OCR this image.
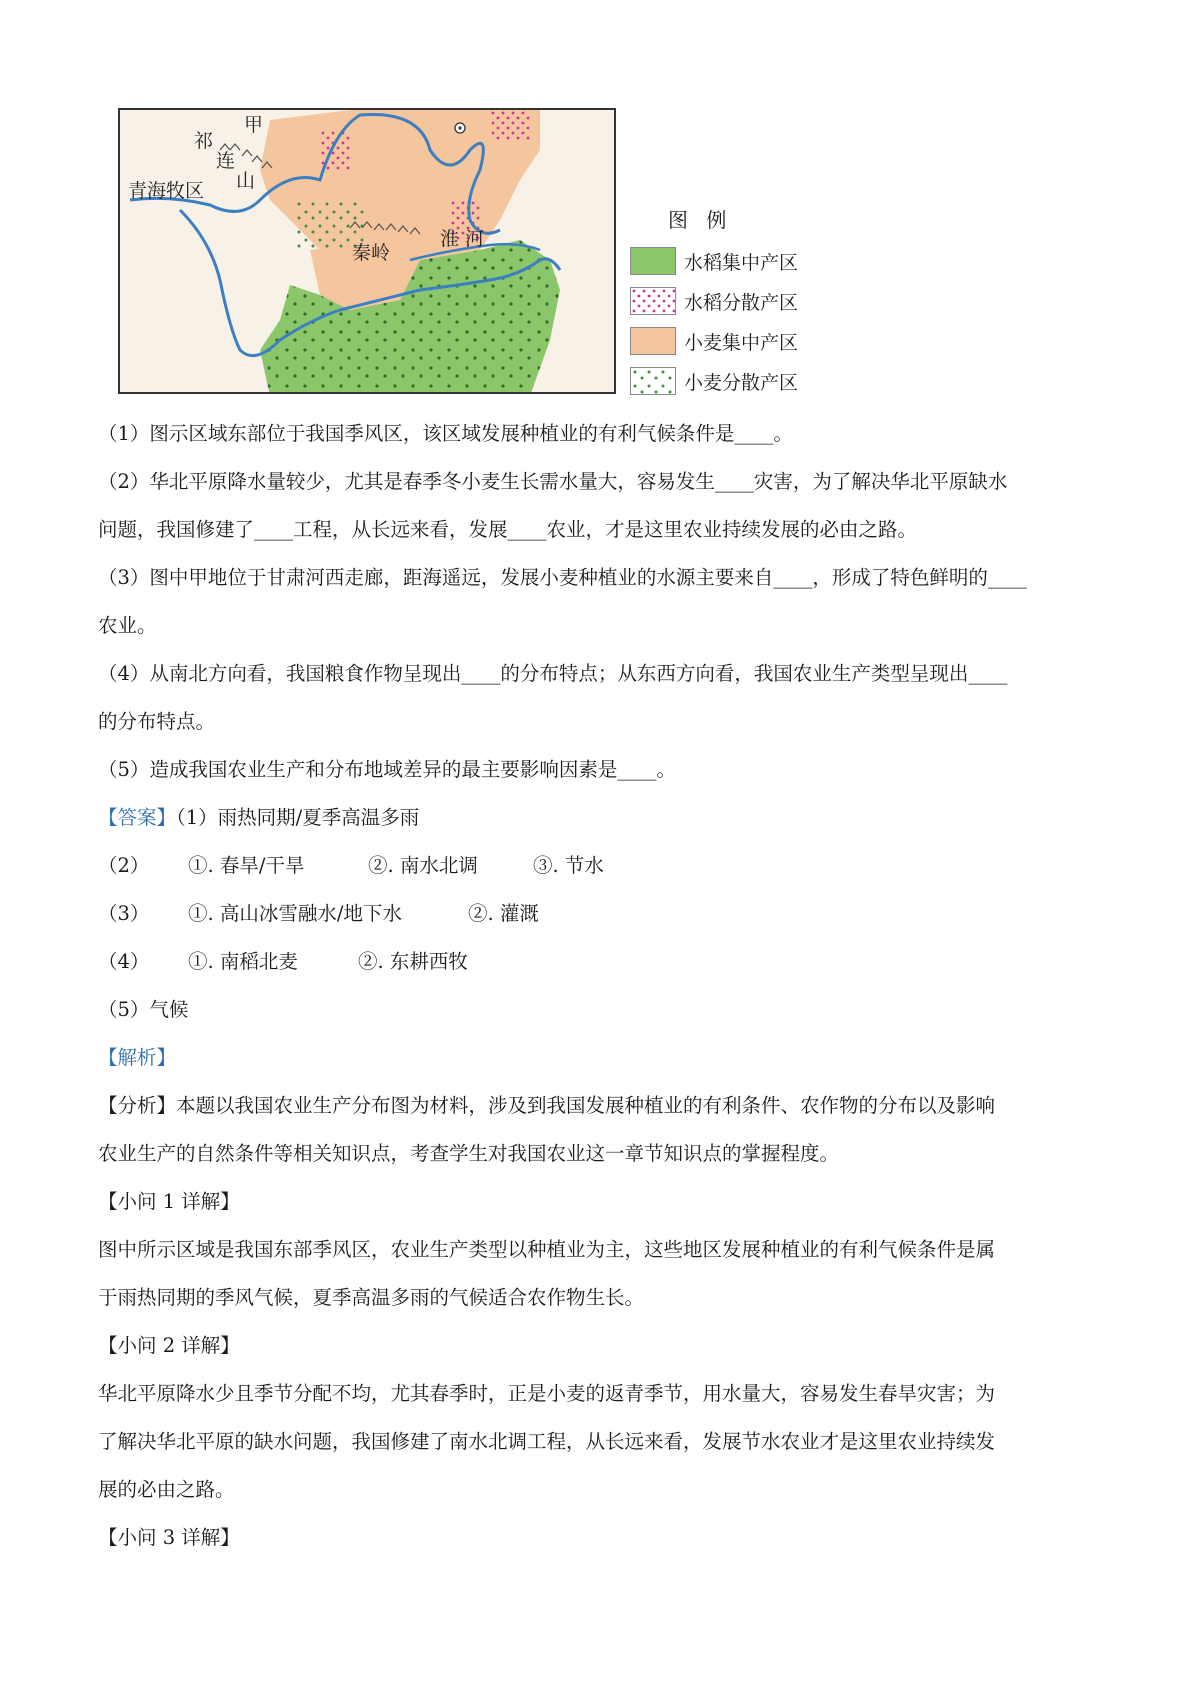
甲
祁
连
山
青海牧区
秦岭
淮 河
图 例
水稻集中产区
水稻分散产区
小麦集中产区
小麦分散产区
（1）图示区域东部位于我国季风区，该区域发展种植业的有利气候条件是____。
（2）华北平原降水量较少，尤其是春季冬小麦生长需水量大，容易发生____灾害，为了解决华北平原缺水
问题，我国修建了____工程，从长远来看，发展____农业，才是这里农业持续发展的必由之路。
（3）图中甲地位于甘肃河西走廊，距海遥远，发展小麦种植业的水源主要来自____，形成了特色鲜明的____
农业。
（4）从南北方向看，我国粮食作物呈现出____的分布特点；从东西方向看，我国农业生产类型呈现出____
的分布特点。
（5）造成我国农业生产和分布地域差异的最主要影响因素是____。
【答案】（1）雨热同期/夏季高温多雨
（2） ①. 春旱/干旱	②. 南水北调	③. 节水
（3） ①. 高山冰雪融水/地下水	②. 灌溉
（4） ①. 南稻北麦	②. 东耕西牧
（5）气候
【解析】
【分析】本题以我国农业生产分布图为材料，涉及到我国发展种植业的有利条件、农作物的分布以及影响
农业生产的自然条件等相关知识点，考查学生对我国农业这一章节知识点的掌握程度。
【小问 1 详解】
图中所示区域是我国东部季风区，农业生产类型以种植业为主，这些地区发展种植业的有利气候条件是属
于雨热同期的季风气候，夏季高温多雨的气候适合农作物生长。
【小问 2 详解】
华北平原降水少且季节分配不均，尤其春季时，正是小麦的返青季节，用水量大，容易发生春旱灾害；为
了解决华北平原的缺水问题，我国修建了南水北调工程，从长远来看，发展节水农业才是这里农业持续发
展的必由之路。
【小问 3 详解】
